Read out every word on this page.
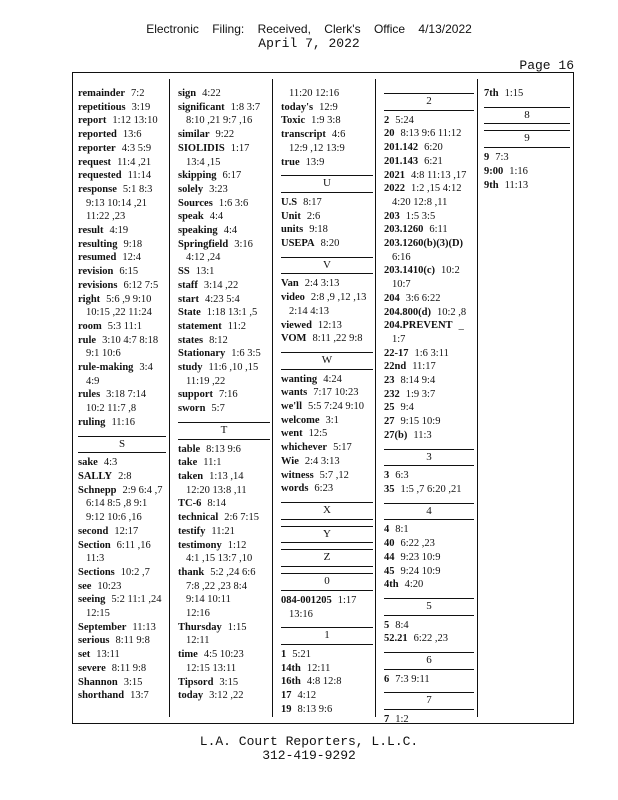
Electronic Filing: Received, Clerk's Office 4/13/2022
April 7, 2022
Page 16
remainder 7:2
repetitious 3:19
report 1:12 13:10
reported 13:6
reporter 4:3 5:9
request 11:4 ,21
requested 11:14
response 5:1 8:3
9:13 10:14 ,21
11:22 ,23
result 4:19
resulting 9:18
resumed 12:4
revision 6:15
revisions 6:12 7:5
right 5:6 ,9 9:10
10:15 ,22 11:24
room 5:3 11:1
rule 3:10 4:7 8:18
9:1 10:6
rule-making 3:4
4:9
rules 3:18 7:14
10:2 11:7 ,8
ruling 11:16
S
sake 4:3
SALLY 2:8
Schnepp 2:9 6:4 ,7
6:14 8:5 ,8 9:1
9:12 10:6 ,16
second 12:17
Section 6:11 ,16
11:3
Sections 10:2 ,7
see 10:23
seeing 5:2 11:1 ,24
12:15
September 11:13
serious 8:11 9:8
set 13:11
severe 8:11 9:8
Shannon 3:15
shorthand 13:7
sign 4:22
significant 1:8 3:7
8:10 ,21 9:7 ,16
similar 9:22
SIOLIDIS 1:17
13:4 ,15
skipping 6:17
solely 3:23
Sources 1:6 3:6
speak 4:4
speaking 4:4
Springfield 3:16
4:12 ,24
SS 13:1
staff 3:14 ,22
start 4:23 5:4
State 1:18 13:1 ,5
statement 11:2
states 8:12
Stationary 1:6 3:5
study 11:6 ,10 ,15
11:19 ,22
support 7:16
sworn 5:7
T
table 8:13 9:6
take 11:1
taken 1:13 ,14
12:20 13:8 ,11
TC-6 8:14
technical 2:6 7:15
testify 11:21
testimony 1:12
4:1 ,15 13:7 ,10
thank 5:2 ,24 6:6
7:8 ,22 ,23 8:4
9:14 10:11
12:16
Thursday 1:15
12:11
time 4:5 10:23
12:15 13:11
Tipsord 3:15
today 3:12 ,22
11:20 12:16
today's 12:9
Toxic 1:9 3:8
transcript 4:6
12:9 ,12 13:9
true 13:9
U
U.S 8:17
Unit 2:6
units 9:18
USEPA 8:20
V
Van 2:4 3:13
video 2:8 ,9 ,12 ,13
2:14 4:13
viewed 12:13
VOM 8:11 ,22 9:8
W
wanting 4:24
wants 7:17 10:23
we'll 5:5 7:24 9:10
welcome 3:1
went 12:5
whichever 5:17
Wie 2:4 3:13
witness 5:7 ,12
words 6:23
X
Y
Z
0
084-001205 1:17
13:16
1
1 5:21
14th 12:11
16th 4:8 12:8
17 4:12
19 8:13 9:6
2
2 5:24
20 8:13 9:6 11:12
201.142 6:20
201.143 6:21
2021 4:8 11:13 ,17
2022 1:2 ,15 4:12
4:20 12:8 ,11
203 1:5 3:5
203.1260 6:11
203.1260(b)(3)(D)
6:16
203.1410(c) 10:2
10:7
204 3:6 6:22
204.800(d) 10:2 ,8
204.PREVENT _
1:7
22-17 1:6 3:11
22nd 11:17
23 8:14 9:4
232 1:9 3:7
25 9:4
27 9:15 10:9
27(b) 11:3
3
3 6:3
35 1:5 ,7 6:20 ,21
4
4 8:1
40 6:22 ,23
44 9:23 10:9
45 9:24 10:9
4th 4:20
5
5 8:4
52.21 6:22 ,23
6
6 7:3 9:11
7
7 1:2
7th 1:15
8
9
9 7:3
9:00 1:16
9th 11:13
L.A. Court Reporters, L.L.C.
312-419-9292
